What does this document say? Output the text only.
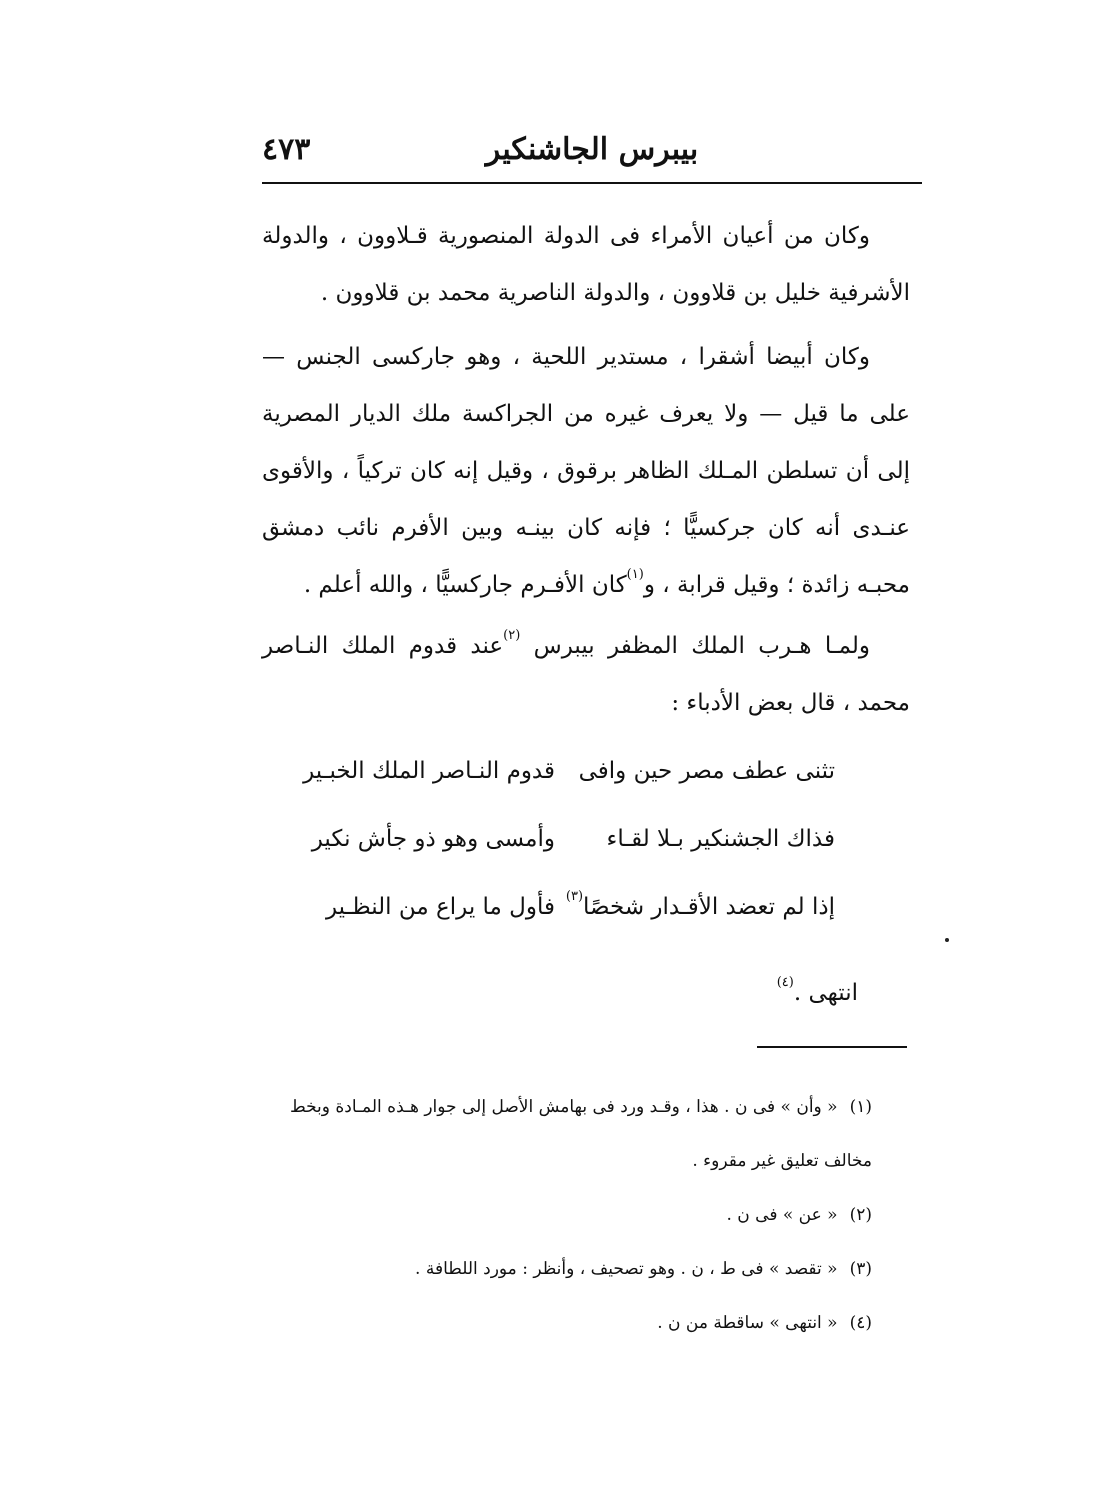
٤٧٣	بيبرس الجاشنكير

وكان من أعيان الأمراء فى الدولة المنصورية قـلاوون ، والدولة الأشرفية خليل بن قلاوون ، والدولة الناصرية محمد بن قلاوون .

وكان أبيضا أشقرا ، مستدير اللحية ، وهو جاركسى الجنس — على ما قيل — ولا يعرف غيره من الجراكسة ملك الديار المصرية إلى أن تسلطن المـلك الظاهر برقوق ، وقيل إنه كان تركياً ، والأقوى عنـدى أنه كان جركسيًّا ؛ فإنه كان بينـه وبين الأفرم نائب دمشق محبـه زائدة ؛ وقيل قرابة ، و$^{(١)}$كان الأفـرم جاركسيًّا ، والله أعلم .

ولمـا هـرب الملك المظفر بيبرس $^{(٢)}$عند قدوم الملك النـاصر محمد ، قال بعض الأدباء :

تثنى عطف مصر حين وافى
قدوم النـاصر الملك الخبـير
فذاك الجشنكير بـلا لقـاء
وأمسى وهو ذو جأش نكير
إذا لم تعضد الأقـدار شخصًا$^{(٣)}$
فأول ما يراع من النظـير
انتهى .$^{(٤)}$

(١)« وأن » فى ن . هذا ، وقـد ورد فى بهامش الأصل إلى جوار هـذه المـادة وبخط مخالف تعليق غير مقروء .

(٢)« عن » فى ن .

(٣)« تقصد » فى ط ، ن . وهو تصحيف ، وأنظر : مورد اللطافة .

(٤)« انتهى » ساقطة من ن .
